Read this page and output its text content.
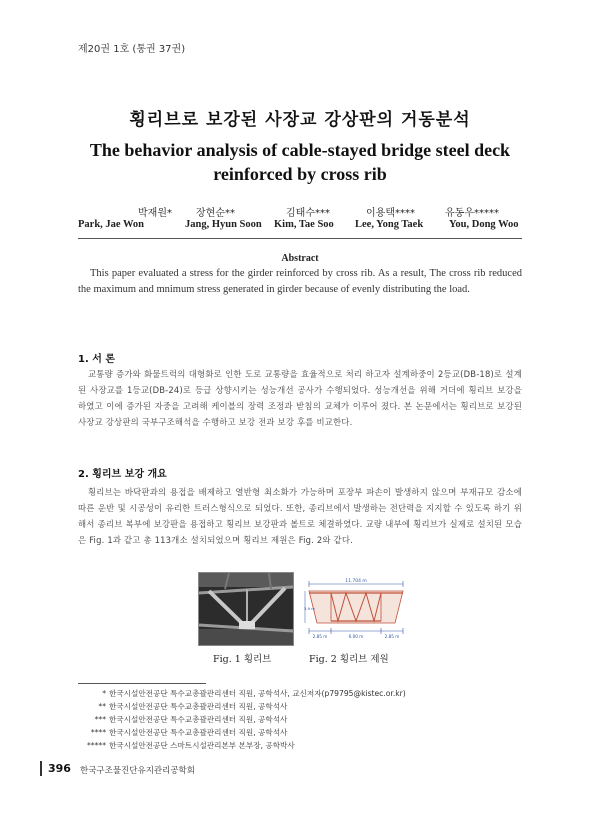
제20권 1호 (통권 37권)
횡리브로 보강된 사장교 강상판의 거동분석
The behavior analysis of cable-stayed bridge steel deck
reinforced by cross rib
박재원* 장현순**	김태수***	이용택****	유동우*****
Park, Jae Won	Jang, Hyun Soon Kim, Tae Soo Lee, Yong Taek You, Dong Woo
Abstract
This paper evaluated a stress for the girder reinforced by cross rib. As a result, The cross rib reduced the maximum and mnimum stress generated in girder because of evenly distributing the load.
1. 서 론
교통량 증가와 화물트럭의 대형화로 인한 도로 교통량을 효율적으로 처리 하고자 설계하중이 2등교(DB-18)로 설계된 사장교를 1등교(DB-24)로 등급 상향시키는 성능개선 공사가 수행되었다. 성능개선을 위해 거더에 횡리브 보강을 하였고 이에 증가된 자중을 고려해 케이블의 장력 조정과 받침의 교체가 이루어 졌다. 본 논문에서는 횡리브로 보강된 사장교 강상판의 국부구조해석을 수행하고 보강 전과 보강 후를 비교한다.
2. 횡리브 보강 개요
횡리브는 바닥판과의 용접을 배제하고 열반형 최소화가 가능하며 포장부 파손이 발생하지 않으며 부재규모 감소에 따른 운반 및 시공성이 유리한 트러스형식으로 되었다. 또한, 종리브에서 발생하는 전단력을 지지할 수 있도록 하기 위해서 종리브 복부에 보강판을 용접하고 횡리브 보강판과 볼트로 체결하였다. 교량 내부에 횡리브가 실제로 설치된 모습은 Fig. 1과 같고 총 113개소 설치되었으며 횡리브 제원은 Fig. 2와 같다.
11.704 m
3.9 m
2.85 m	6.00 m	2.85 m
Fig. 1 횡리브	Fig. 2 횡리브 제원
* 한국시설안전공단 특수교총괄관리센터 직원, 공학석사, 교신저자(p79795@kistec.or.kr)
** 한국시설안전공단 특수교총괄관리센터 직원, 공학석사
*** 한국시설안전공단 특수교총괄관리센터 직원, 공학석사
**** 한국시설안전공단 특수교총괄관리센터 직원, 공학석사
***** 한국시설안전공단 스마트시설관리본부 본부장, 공학박사
396 한국구조물진단유지관리공학회
